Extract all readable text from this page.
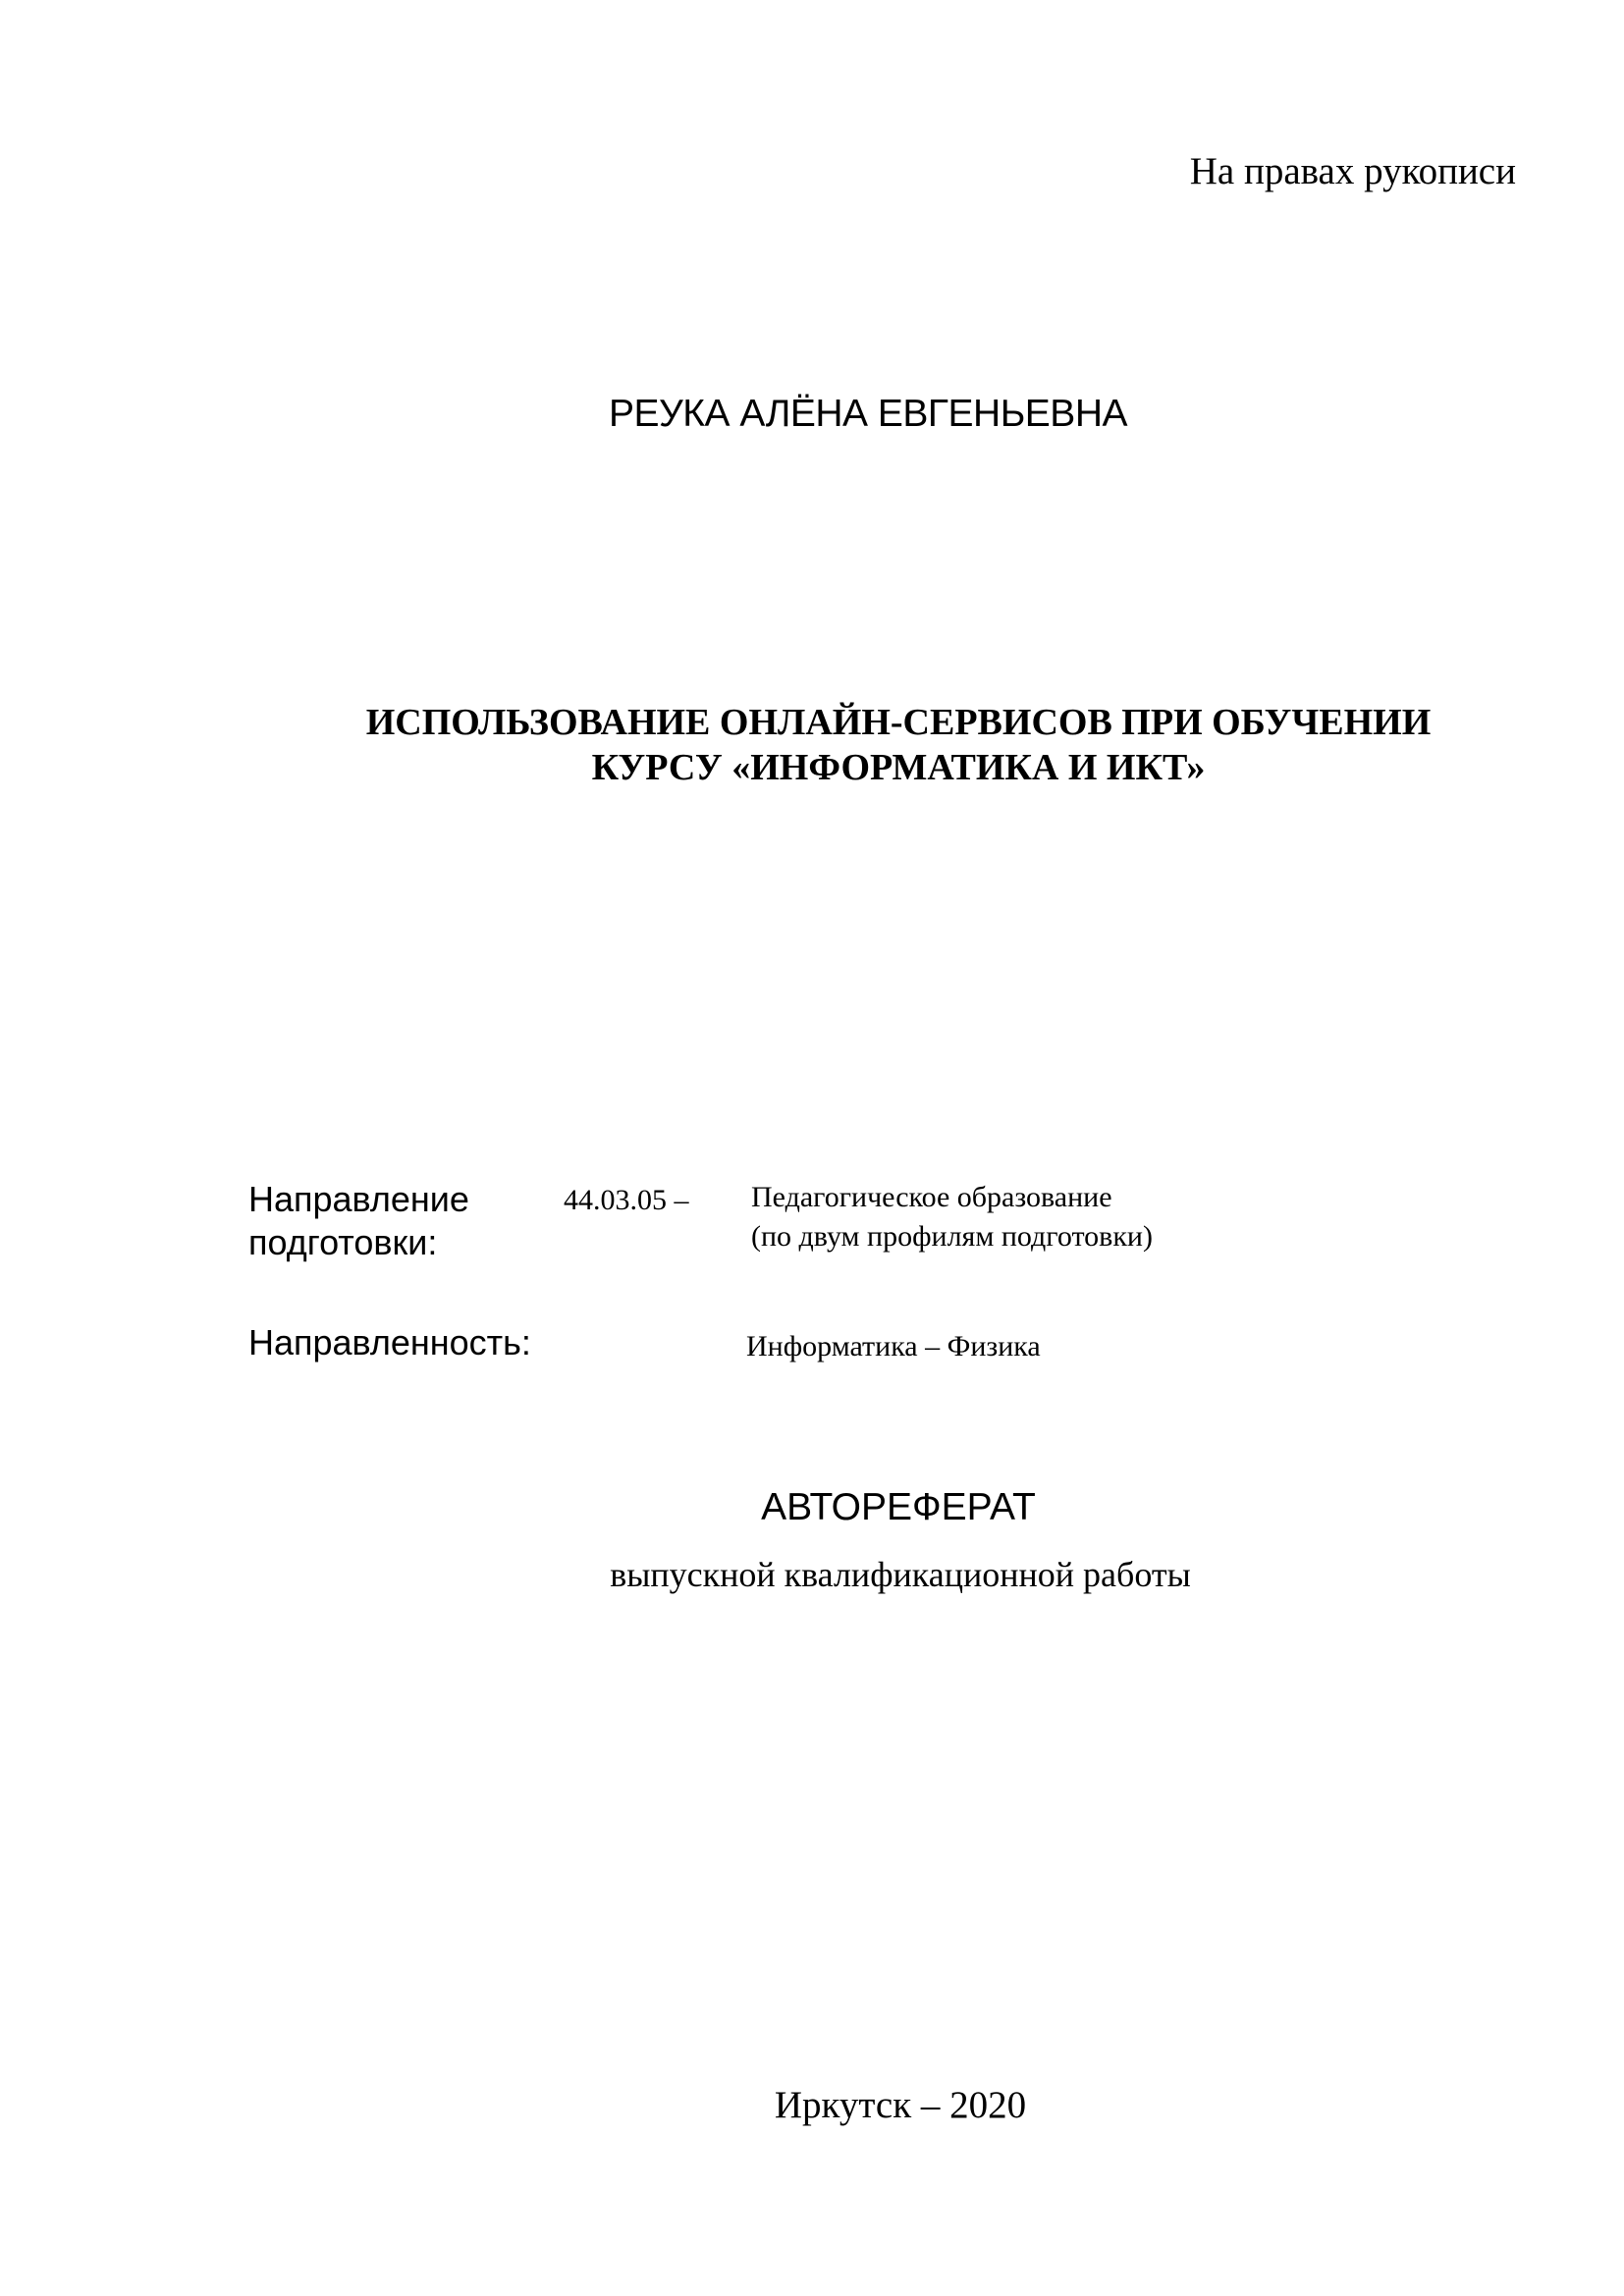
На правах рукописи
РЕУКА АЛЁНА ЕВГЕНЬЕВНА
ИСПОЛЬЗОВАНИЕ ОНЛАЙН-СЕРВИСОВ ПРИ ОБУЧЕНИИ
КУРСУ «ИНФОРМАТИКА И ИКТ»
Направление
подготовки:
44.03.05 – Педагогическое образование
(по двум профилям подготовки)
Направленность:	Информатика – Физика
АВТОРЕФЕРАТ
выпускной квалификационной работы
Иркутск – 2020
